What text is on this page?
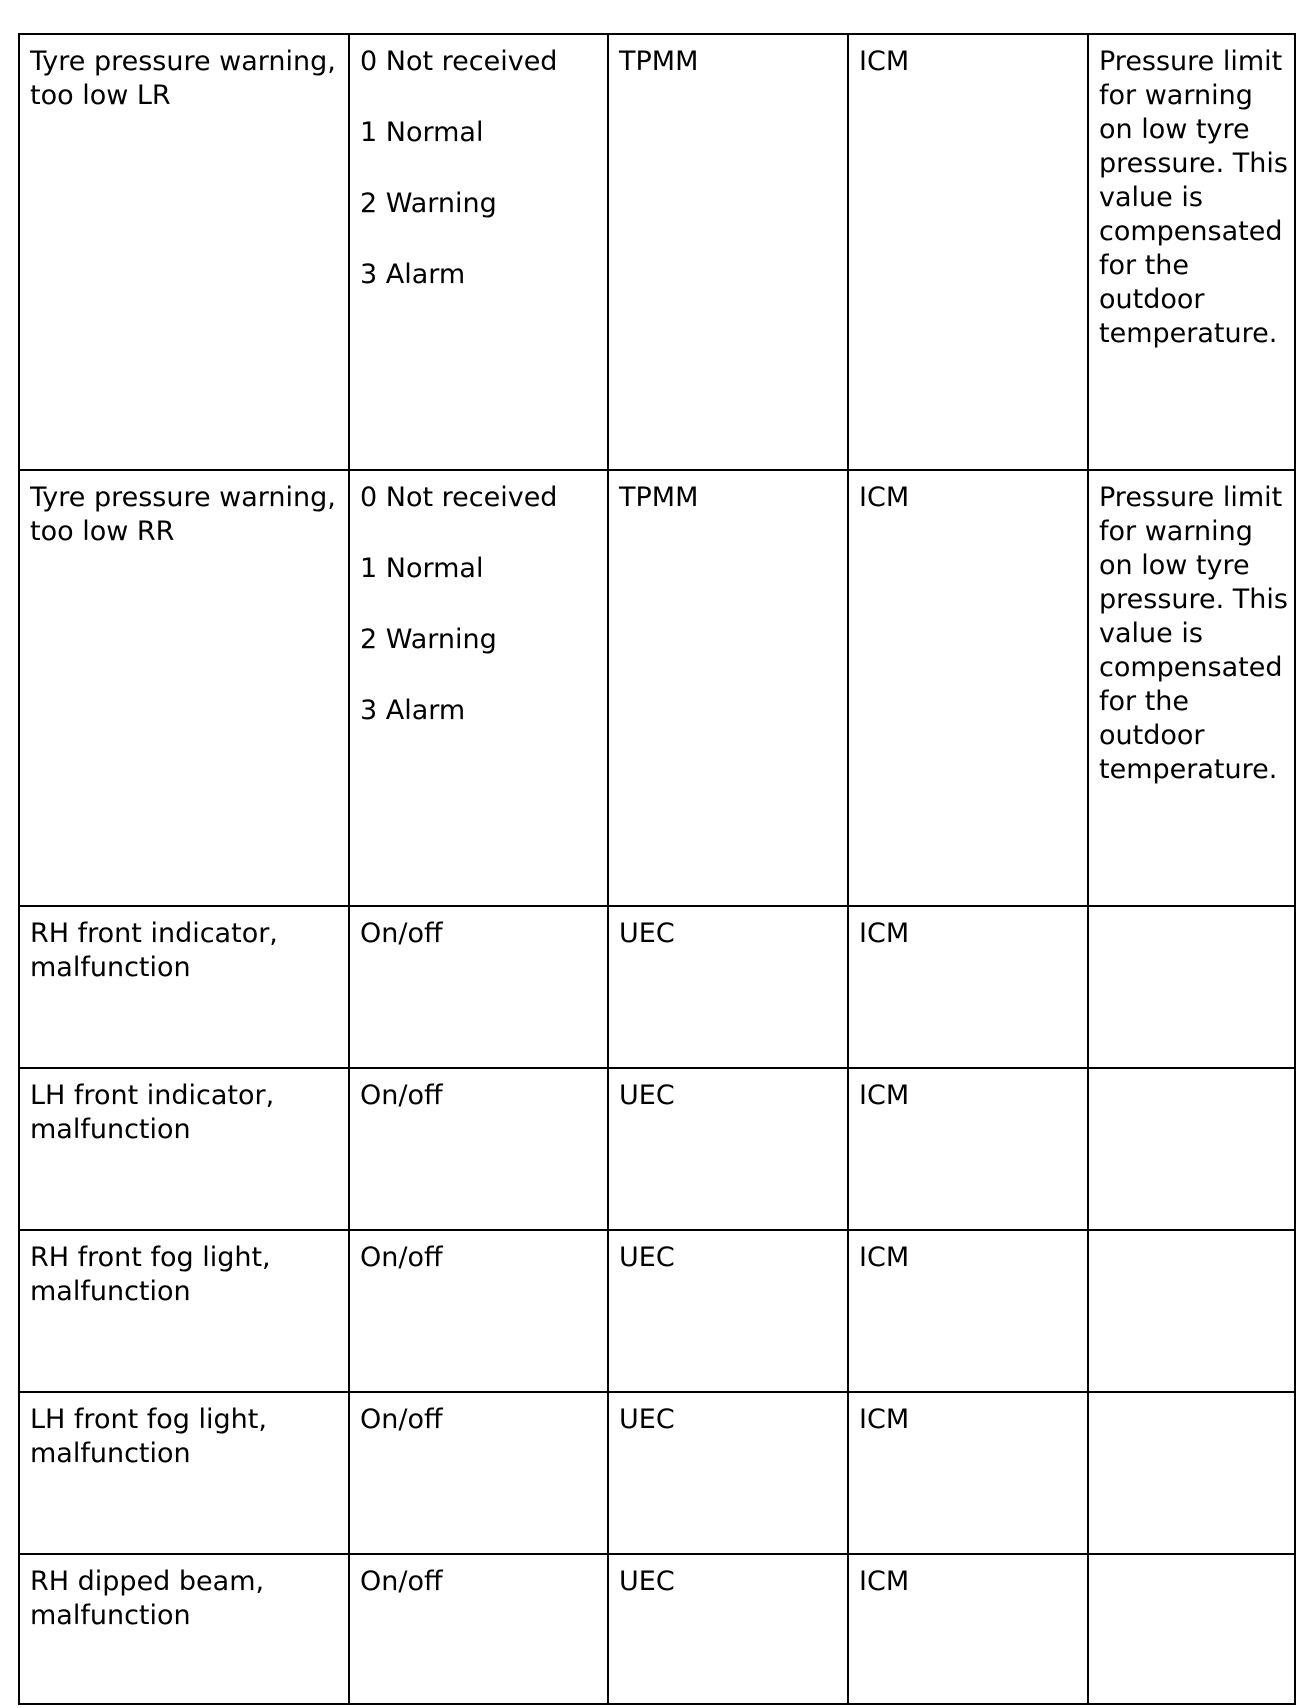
Tyre pressure warning, too low LR	0 Not received
1 Normal
2 Warning
3 Alarm	TPMM	ICM	Pressure limit for warning on low tyre pressure. This value is compensated for the outdoor temperature.
Tyre pressure warning, too low RR	0 Not received
1 Normal
2 Warning
3 Alarm	TPMM	ICM	Pressure limit for warning on low tyre pressure. This value is compensated for the outdoor temperature.
RH front indicator, malfunction	On/off	UEC	ICM	
LH front indicator, malfunction	On/off	UEC	ICM	
RH front fog light, malfunction	On/off	UEC	ICM	
LH front fog light, malfunction	On/off	UEC	ICM	
RH dipped beam, malfunction	On/off	UEC	ICM	
